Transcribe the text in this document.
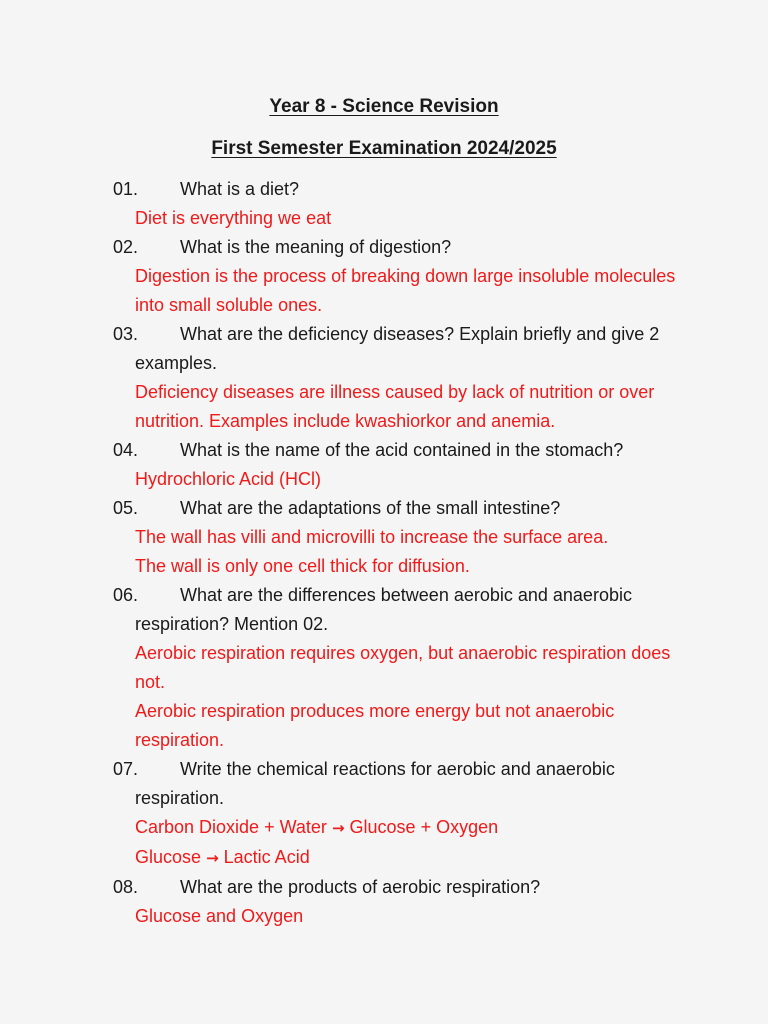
Year 8 - Science Revision
First Semester Examination 2024/2025
01.	What is a diet?
Diet is everything we eat
02.	What is the meaning of digestion?
Digestion is the process of breaking down large insoluble molecules into small soluble ones.
03.	What are the deficiency diseases? Explain briefly and give 2 examples.
Deficiency diseases are illness caused by lack of nutrition or over nutrition. Examples include kwashiorkor and anemia.
04.	What is the name of the acid contained in the stomach?
Hydrochloric Acid (HCl)
05.	What are the adaptations of the small intestine?
The wall has villi and microvilli to increase the surface area.
The wall is only one cell thick for diffusion.
06.	What are the differences between aerobic and anaerobic respiration? Mention 02.
Aerobic respiration requires oxygen, but anaerobic respiration does not.
Aerobic respiration produces more energy but not anaerobic respiration.
07.	Write the chemical reactions for aerobic and anaerobic respiration.
Carbon Dioxide + Water → Glucose + Oxygen
Glucose → Lactic Acid
08.	What are the products of aerobic respiration?
Glucose and Oxygen
